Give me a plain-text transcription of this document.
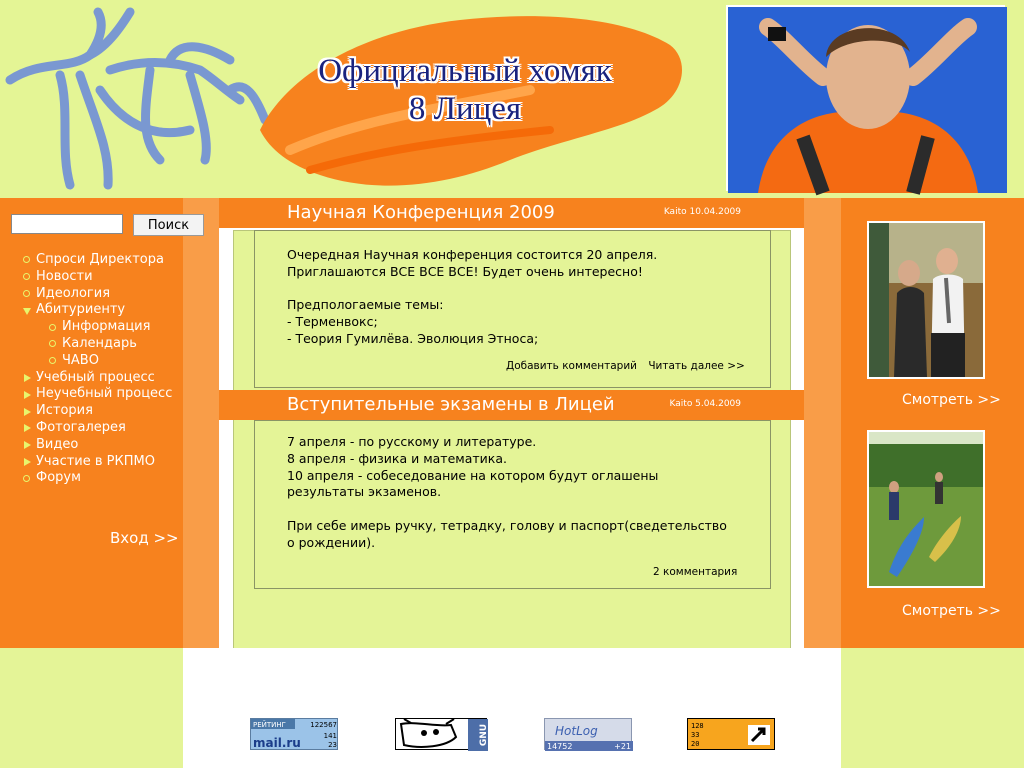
Официальный хомяк
8 Лицея
Поиск
Спроси Директора
Новости
Идеология
Абитуриенту
Информация
Календарь
ЧАВО
Учебный процесс
Неучебный процесс
История
Фотогалерея
Видео
Участие в РКПМО
Форум
Вход >>
Научная Конференция 2009	Kaito 10.04.2009
Очередная Научная конференция состоится 20 апреля.
Приглашаются ВСЕ ВСЕ ВСЕ! Будет очень интересно!

Предпологаемые темы:
- Терменвокс;
- Теория Гумилёва. Эволюция Этноса;
Добавить комментарий Читать далее >>
Вступительные экзамены в Лицей	Kaito 5.04.2009
7 апреля - по русскому и литературе.
8 апреля - физика и математика.
10 апреля - собеседование на котором будут оглашены
результаты экзаменов.

При себе имерь ручку, тетрадку, голову и паспорт(сведетельство
о рождении).
2 комментария
Смотреть >>
Смотреть >>
РЕЙТИНГ	122567
mail.ru	141
23	GNU	HotLog
14752	+21
128
33
20
